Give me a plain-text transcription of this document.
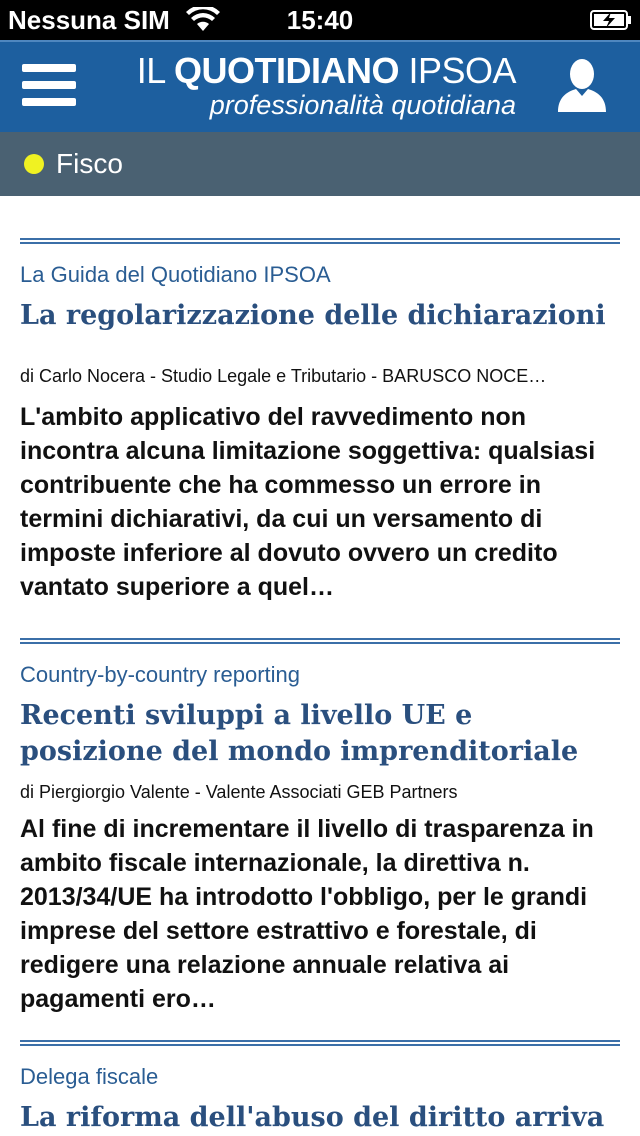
Nessuna SIM	15:40
IL QUOTIDIANO IPSOA
professionalità quotidiana
Fisco
La Guida del Quotidiano IPSOA
La regolarizzazione delle dichiarazioni
di Carlo Nocera - Studio Legale e Tributario - BARUSCO NOCE…
L'ambito applicativo del ravvedimento non incontra alcuna limitazione soggettiva: qualsiasi contribuente che ha commesso un errore in termini dichiarativi, da cui un versamento di imposte inferiore al dovuto ovvero un credito vantato superiore a quel…
Country-by-country reporting
Recenti sviluppi a livello UE e posizione del mondo imprenditoriale
di Piergiorgio Valente - Valente Associati GEB Partners
Al fine di incrementare il livello di trasparenza in ambito fiscale internazionale, la direttiva n. 2013/34/UE ha introdotto l'obbligo, per le grandi imprese del settore estrattivo e forestale, di redigere una relazione annuale relativa ai pagamenti ero…
Delega fiscale
La riforma dell'abuso del diritto arriva
